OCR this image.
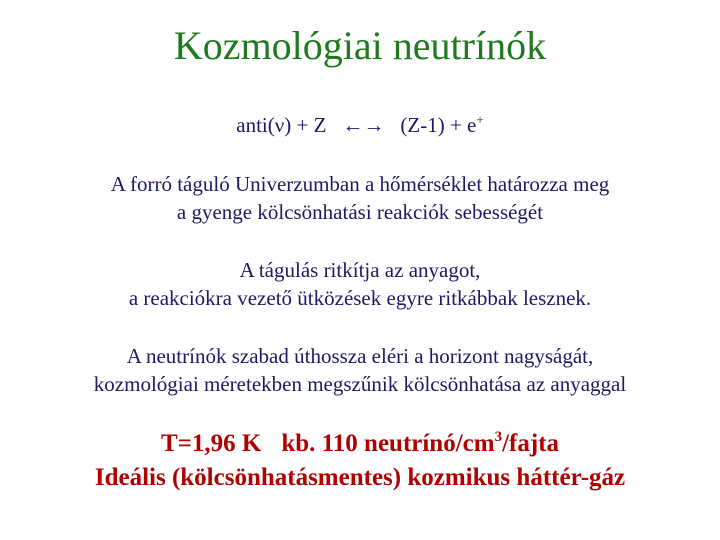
Kozmológiai neutrínók
anti(ν) + Z ←→ (Z-1) + e+
A forró táguló Univerzumban a hőmérséklet határozza meg
a gyenge kölcsönhatási reakciók sebességét
A tágulás ritkítja az anyagot,
a reakciókra vezető ütközések egyre ritkábbak lesznek.
A neutrínók szabad úthossza eléri a horizont nagyságát,
kozmológiai méretekben megszűnik kölcsönhatása az anyaggal
T=1,96 K kb. 110 neutrínó/$cm^3$/fajta
Ideális (kölcsönhatásmentes) kozmikus háttér-gáz
